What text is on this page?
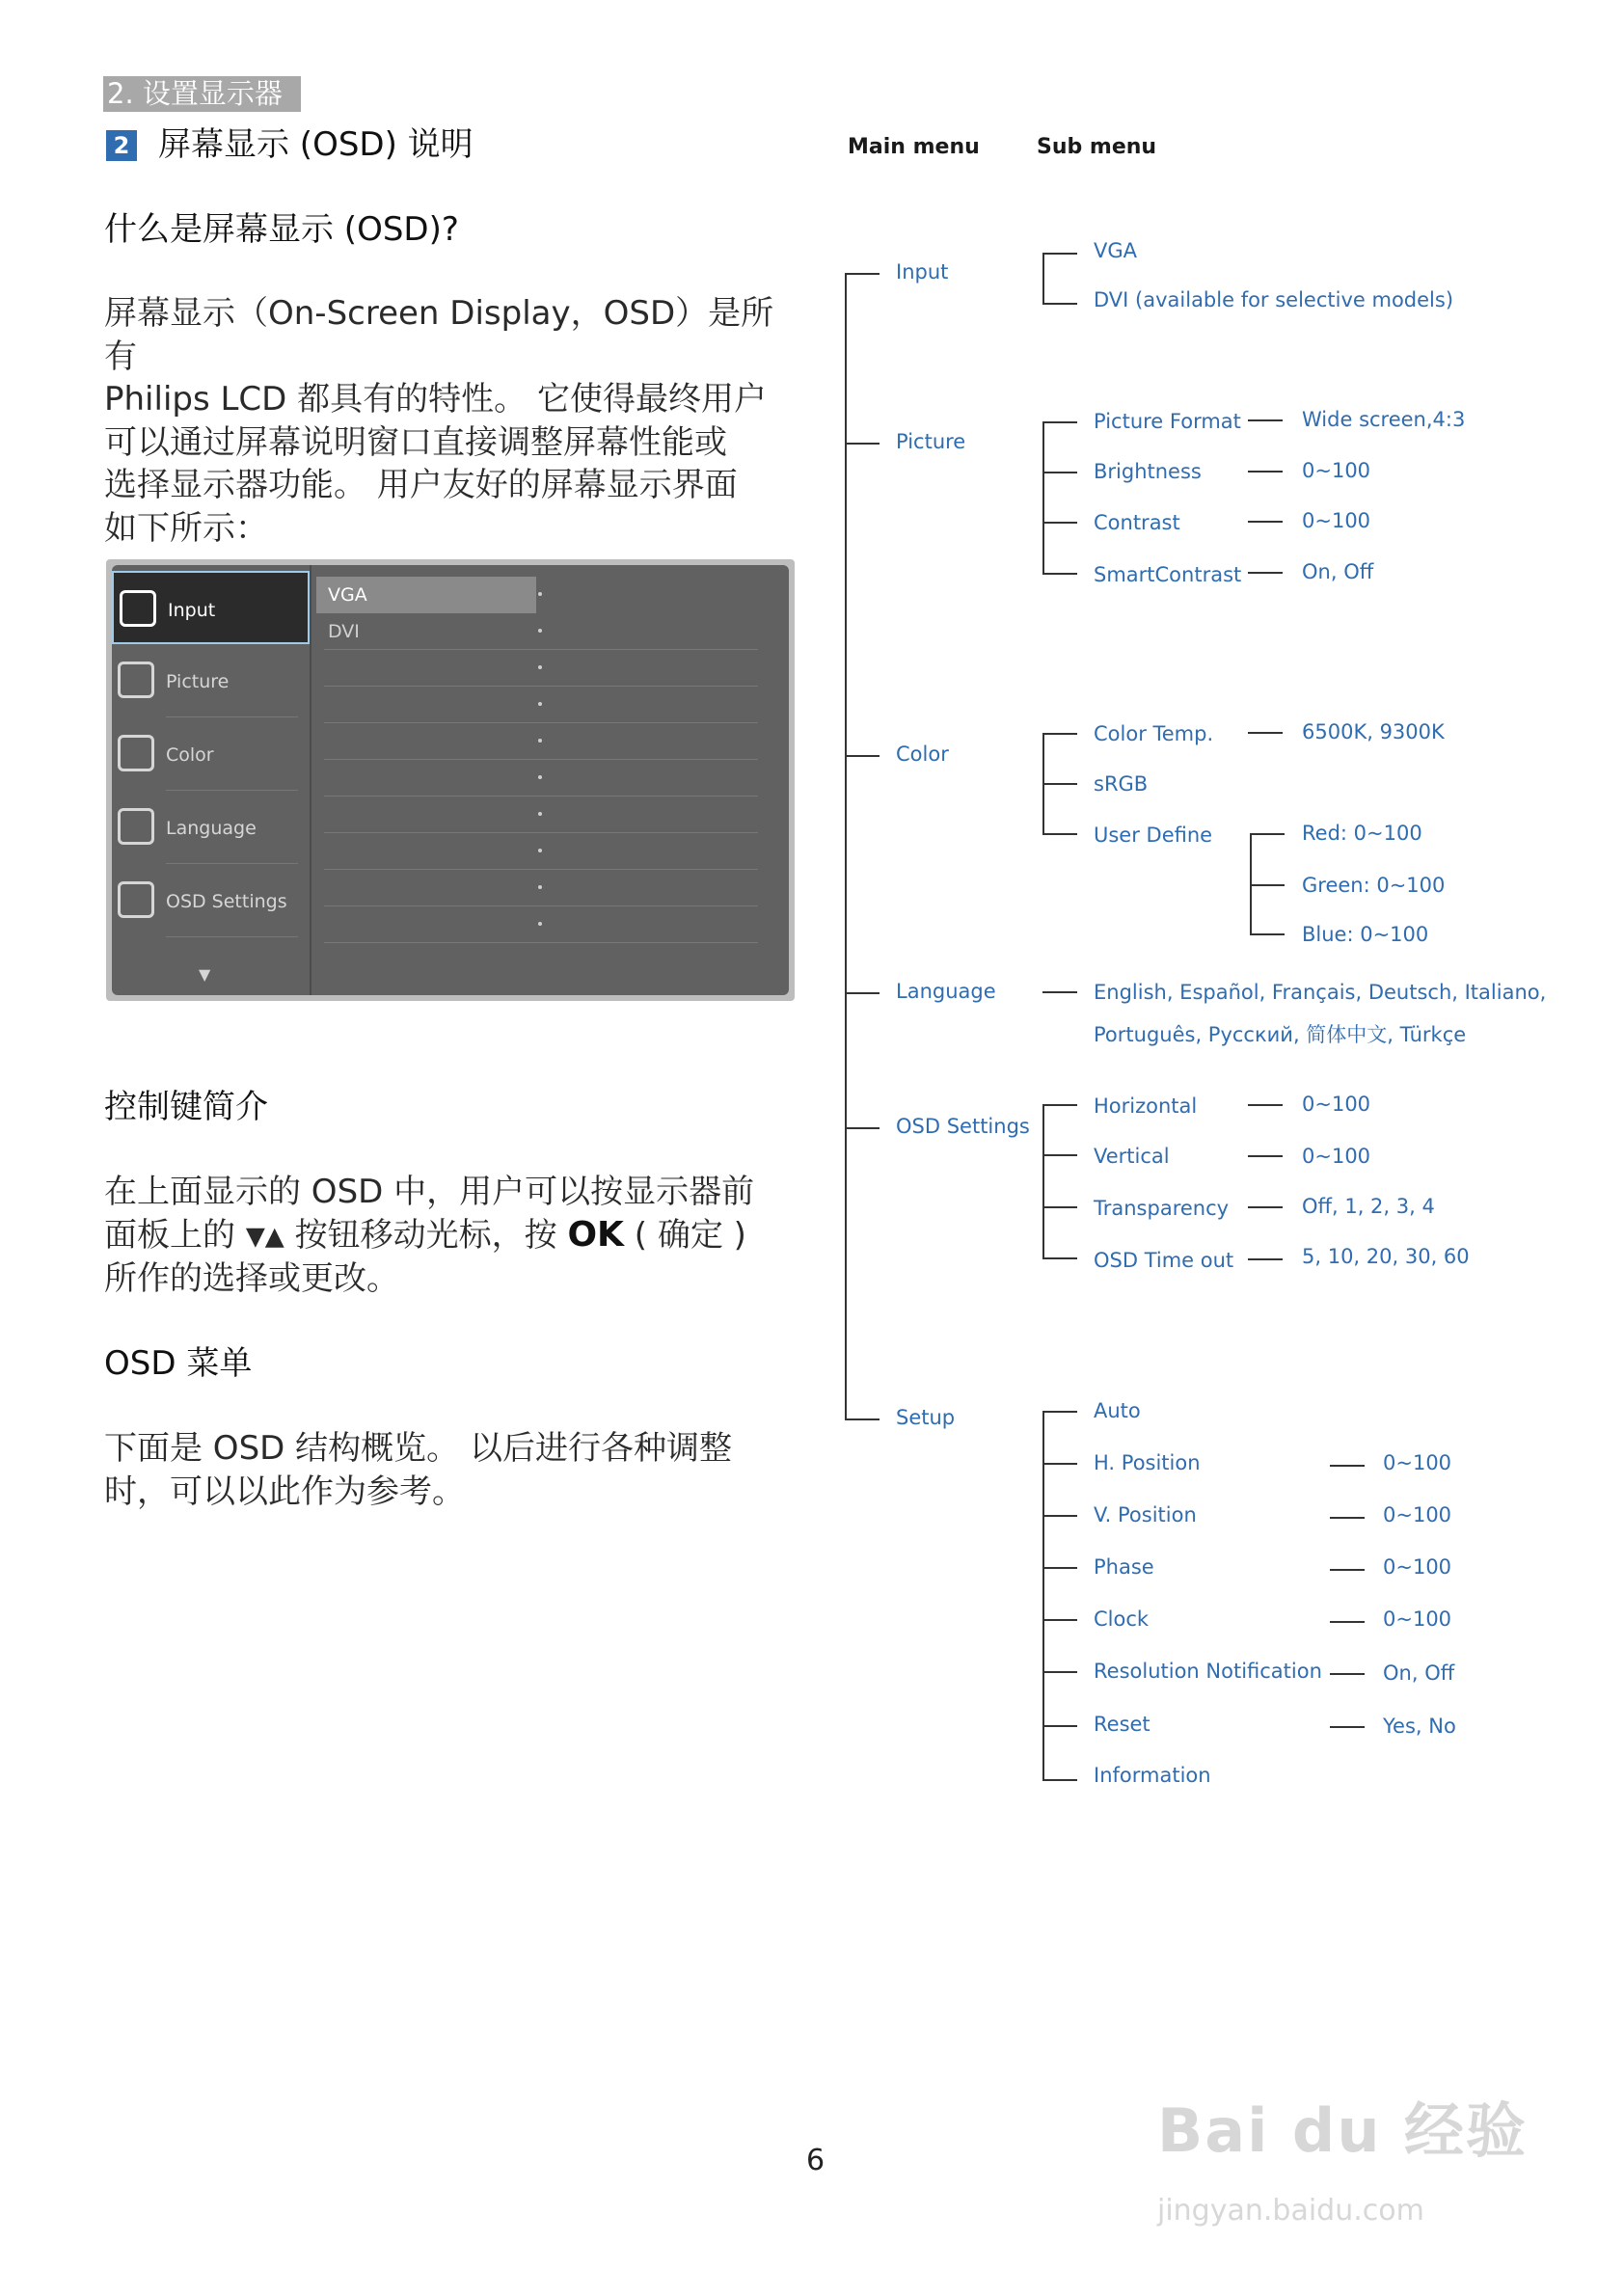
2. 设置显示器
2 屏幕显示 (OSD) 说明
什么是屏幕显示 (OSD)?
屏幕显示（On-Screen Display，OSD）是所有
Philips LCD 都具有的特性。 它使得最终用户
可以通过屏幕说明窗口直接调整屏幕性能或
选择显示器功能。 用户友好的屏幕显示界面
如下所示：
Input
Picture
Color
Language
OSD Settings
▼
VGA
DVI
控制键简介
在上面显示的 OSD 中，用户可以按显示器前
面板上的 ▼▲ 按钮移动光标，按 OK ( 确定 )
所作的选择或更改。
OSD 菜单
下面是 OSD 结构概览。 以后进行各种调整
时，可以以此作为参考。
Main menu	Sub menu
Input
Picture
Color
Language
OSD Settings
Setup
VGA
DVI (available for selective models)
Picture Format
Brightness
Contrast
SmartContrast
Wide screen,4:3
0~100
0~100
On, Off
Color Temp.
sRGB
User Define
6500K, 9300K
Red: 0~100
Green: 0~100
Blue: 0~100
English, Español, Français, Deutsch, Italiano,
Português, Русский, 简体中文, Türkçe
Horizontal
Vertical
Transparency
OSD Time out
0~100
0~100
Off, 1, 2, 3, 4
5, 10, 20, 30, 60
Auto
H. Position
V. Position
Phase
Clock
Resolution Notification
Reset
Information
0~100
0~100
0~100
0~100
On, Off
Yes, No
6	Bai du 经验
jingyan.baidu.com
